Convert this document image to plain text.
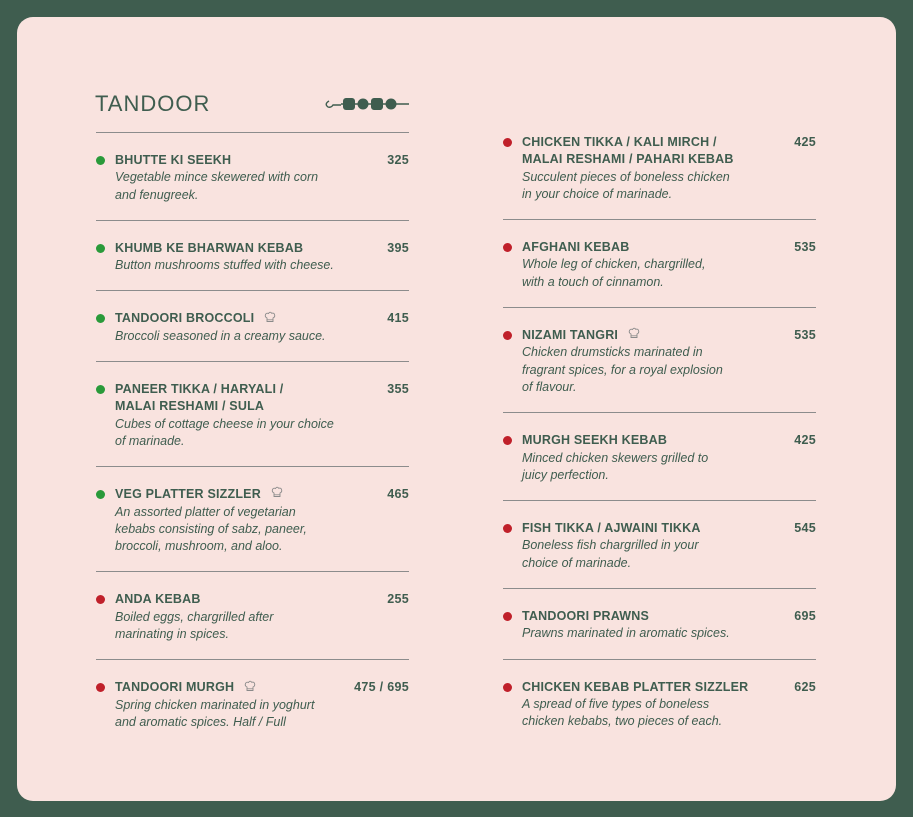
TANDOOR
BHUTTE KI SEEKH	325
Vegetable mince skewered with corn
and fenugreek.
KHUMB KE BHARWAN KEBAB	395
Button mushrooms stuffed with cheese.
TANDOORI BROCCOLI	415
Broccoli seasoned in a creamy sauce.
PANEER TIKKA / HARYALI /
MALAI RESHAMI / SULA
355
Cubes of cottage cheese in your choice
of marinade.
VEG PLATTER SIZZLER	465
An assorted platter of vegetarian
kebabs consisting of sabz, paneer,
broccoli, mushroom, and aloo.
ANDA KEBAB	255
Boiled eggs, chargrilled after
marinating in spices.
TANDOORI MURGH	475 / 695
Spring chicken marinated in yoghurt
and aromatic spices. Half / Full
CHICKEN TIKKA / KALI MIRCH /
MALAI RESHAMI / PAHARI KEBAB
425
Succulent pieces of boneless chicken
in your choice of marinade.
AFGHANI KEBAB	535
Whole leg of chicken, chargrilled,
with a touch of cinnamon.
NIZAMI TANGRI	535
Chicken drumsticks marinated in
fragrant spices, for a royal explosion
of flavour.
MURGH SEEKH KEBAB	425
Minced chicken skewers grilled to
juicy perfection.
FISH TIKKA / AJWAINI TIKKA	545
Boneless fish chargrilled in your
choice of marinade.
TANDOORI PRAWNS	695
Prawns marinated in aromatic spices.
CHICKEN KEBAB PLATTER SIZZLER	625
A spread of five types of boneless
chicken kebabs, two pieces of each.
